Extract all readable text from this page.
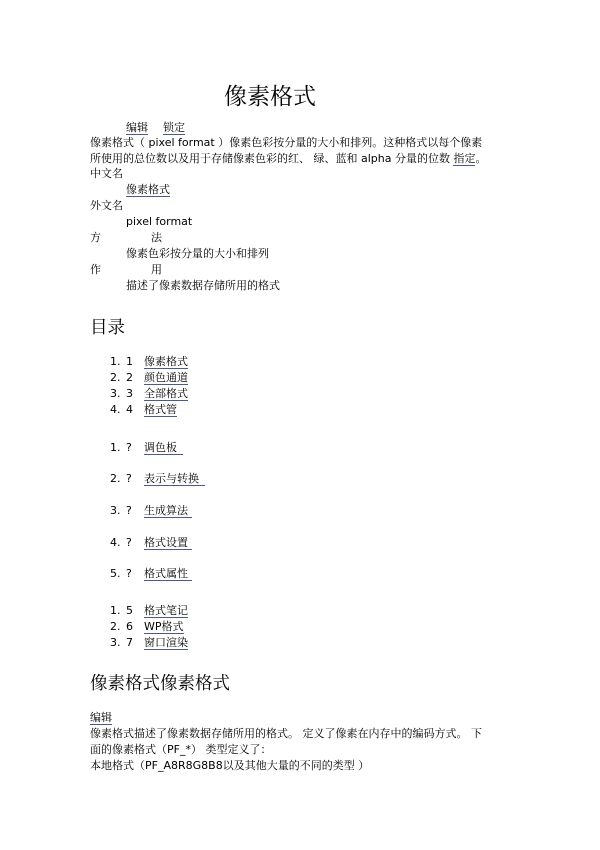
像素格式
编辑 锁定
像素格式（ pixel format ）像素色彩按分量的大小和排列。这种格式以每个像素
所使用的总位数以及用于存储像素色彩的红、 绿、蓝和 alpha 分量的位数 指定。
中文名
像素格式
外文名
pixel format
方	法
像素色彩按分量的大小和排列
作	用
描述了像素数据存储所用的格式
目录
1. 1 像素格式
2. 2 颜色通道
3. 3 全部格式
4. 4 格式管
1. ? 调色板
2. ? 表示与转换
3. ? 生成算法
4. ? 格式设置
5. ? 格式属性
1. 5 格式笔记
2. 6 WP格式
3. 7 窗口渲染
像素格式像素格式
编辑
像素格式描述了像素数据存储所用的格式。 定义了像素在内存中的编码方式。 下
面的像素格式（PF_*） 类型定义了：
本地格式（PF_A8R8G8B8以及其他大量的不同的类型 ）
